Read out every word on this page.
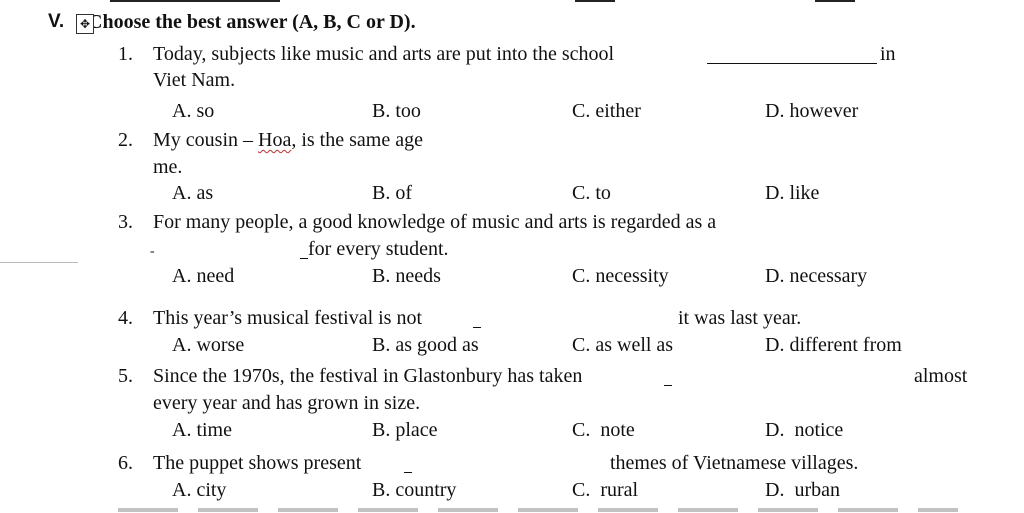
V.	✥
Choose the best answer (A, B, C or D).
1. Today, subjects like music and arts are put into the school	in
Viet Nam.
A. so	B. too	C. either	D. however
2. My cousin – Hoa, is the same age
me.
A. as	B. of	C. to	D. like
3. For many people, a good knowledge of music and arts is regarded as a
-	for every student.
A. need	B. needs	C. necessity	D. necessary
4. This year’s musical festival is not	it was last year.
A. worse	B. as good as	C. as well as	D. different from
5. Since the 1970s, the festival in Glastonbury has taken	almost
every year and has grown in size.
A. time	B. place	C.  note	D.  notice
6. The puppet shows present	themes of Vietnamese villages.
A. city	B. country	C.  rural	D.  urban
